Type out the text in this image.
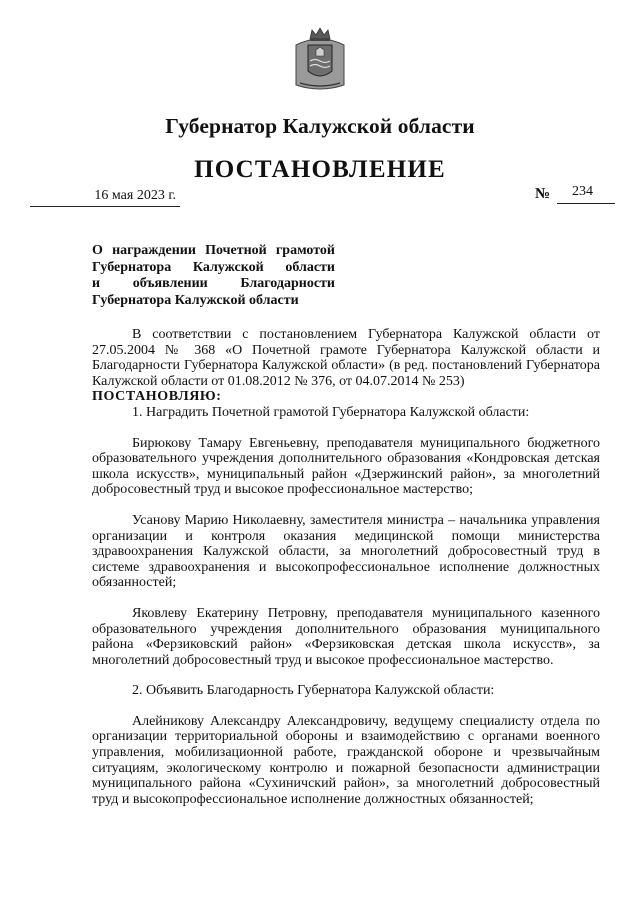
Губернатор Калужской области
ПОСТАНОВЛЕНИЕ
16 мая 2023 г.	№ 234
О награждении Почетной грамотой
Губернатора Калужской области
и объявлении Благодарности
Губернатора Калужской области

В соответствии с постановлением Губернатора Калужской области от 27.05.2004 № 368 «О Почетной грамоте Губернатора Калужской области и Благодарности Губернатора Калужской области» (в ред. постановлений Губернатора Калужской области от 01.08.2012 № 376, от 04.07.2014 № 253)

ПОСТАНОВЛЯЮ:

1. Наградить Почетной грамотой Губернатора Калужской области:

Бирюкову Тамару Евгеньевну, преподавателя муниципального бюджетного образовательного учреждения дополнительного образования «Кондровская детская школа искусств», муниципальный район «Дзержинский район», за многолетний добросовестный труд и высокое профессиональное мастерство;

Усанову Марию Николаевну, заместителя министра – начальника управления организации и контроля оказания медицинской помощи министерства здравоохранения Калужской области, за многолетний добросовестный труд в системе здравоохранения и высокопрофессиональное исполнение должностных обязанностей;

Яковлеву Екатерину Петровну, преподавателя муниципального казенного образовательного учреждения дополнительного образования муниципального района «Ферзиковский район» «Ферзиковская детская школа искусств», за многолетний добросовестный труд и высокое профессиональное мастерство.

2. Объявить Благодарность Губернатора Калужской области:

Алейникову Александру Александровичу, ведущему специалисту отдела по организации территориальной обороны и взаимодействию с органами военного управления, мобилизационной работе, гражданской обороне и чрезвычайным ситуациям, экологическому контролю и пожарной безопасности администрации муниципального района «Сухиничский район», за многолетний добросовестный труд и высокопрофессиональное исполнение должностных обязанностей;
